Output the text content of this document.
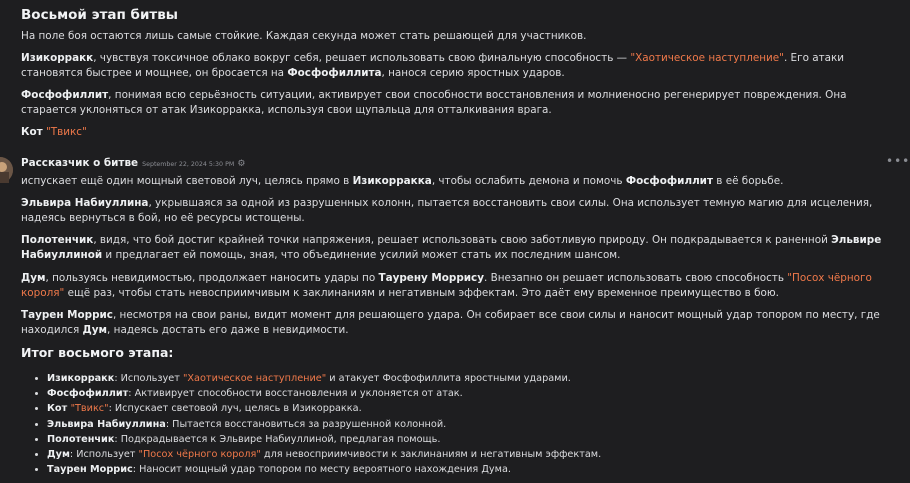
Восьмой этап битвы

На поле боя остаются лишь самые стойкие. Каждая секунда может стать решающей для участников.

Изикорракк, чувствуя токсичное облако вокруг себя, решает использовать свою финальную способность — "Хаотическое наступление". Его атаки становятся быстрее и мощнее, он бросается на Фосфофиллита, нанося серию яростных ударов.

Фосфофиллит, понимая всю серьёзность ситуации, активирует свои способности восстановления и молниеносно регенерирует повреждения. Она старается уклоняться от атак Изикорракка, используя свои щупальца для отталкивания врага.

Кот "Твикс"

Рассказчик о битве September 22, 2024 5:30 PM ⚙	•••

испускает ещё один мощный световой луч, целясь прямо в Изикорракка, чтобы ослабить демона и помочь Фосфофиллит в её борьбе.

Эльвира Набиуллина, укрывшаяся за одной из разрушенных колонн, пытается восстановить свои силы. Она использует темную магию для исцеления, надеясь вернуться в бой, но её ресурсы истощены.

Полотенчик, видя, что бой достиг крайней точки напряжения, решает использовать свою заботливую природу. Он подкрадывается к раненной Эльвире Набиуллиной и предлагает ей помощь, зная, что объединение усилий может стать их последним шансом.

Дум, пользуясь невидимостью, продолжает наносить удары по Таурену Моррису. Внезапно он решает использовать свою способность "Посох чёрного короля" ещё раз, чтобы стать невосприимчивым к заклинаниям и негативным эффектам. Это даёт ему временное преимущество в бою.

Таурен Моррис, несмотря на свои раны, видит момент для решающего удара. Он собирает все свои силы и наносит мощный удар топором по месту, где находился Дум, надеясь достать его даже в невидимости.

Итог восьмого этапа:
• Изикорракк: Использует "Хаотическое наступление" и атакует Фосфофиллита яростными ударами.
• Фосфофиллит: Активирует способности восстановления и уклоняется от атак.
• Кот "Твикс": Испускает световой луч, целясь в Изикорракка.
• Эльвира Набиуллина: Пытается восстановиться за разрушенной колонной.
• Полотенчик: Подкрадывается к Эльвире Набиуллиной, предлагая помощь.
• Дум: Использует "Посох чёрного короля" для невосприимчивости к заклинаниям и негативным эффектам.
• Таурен Моррис: Наносит мощный удар топором по месту вероятного нахождения Дума.
